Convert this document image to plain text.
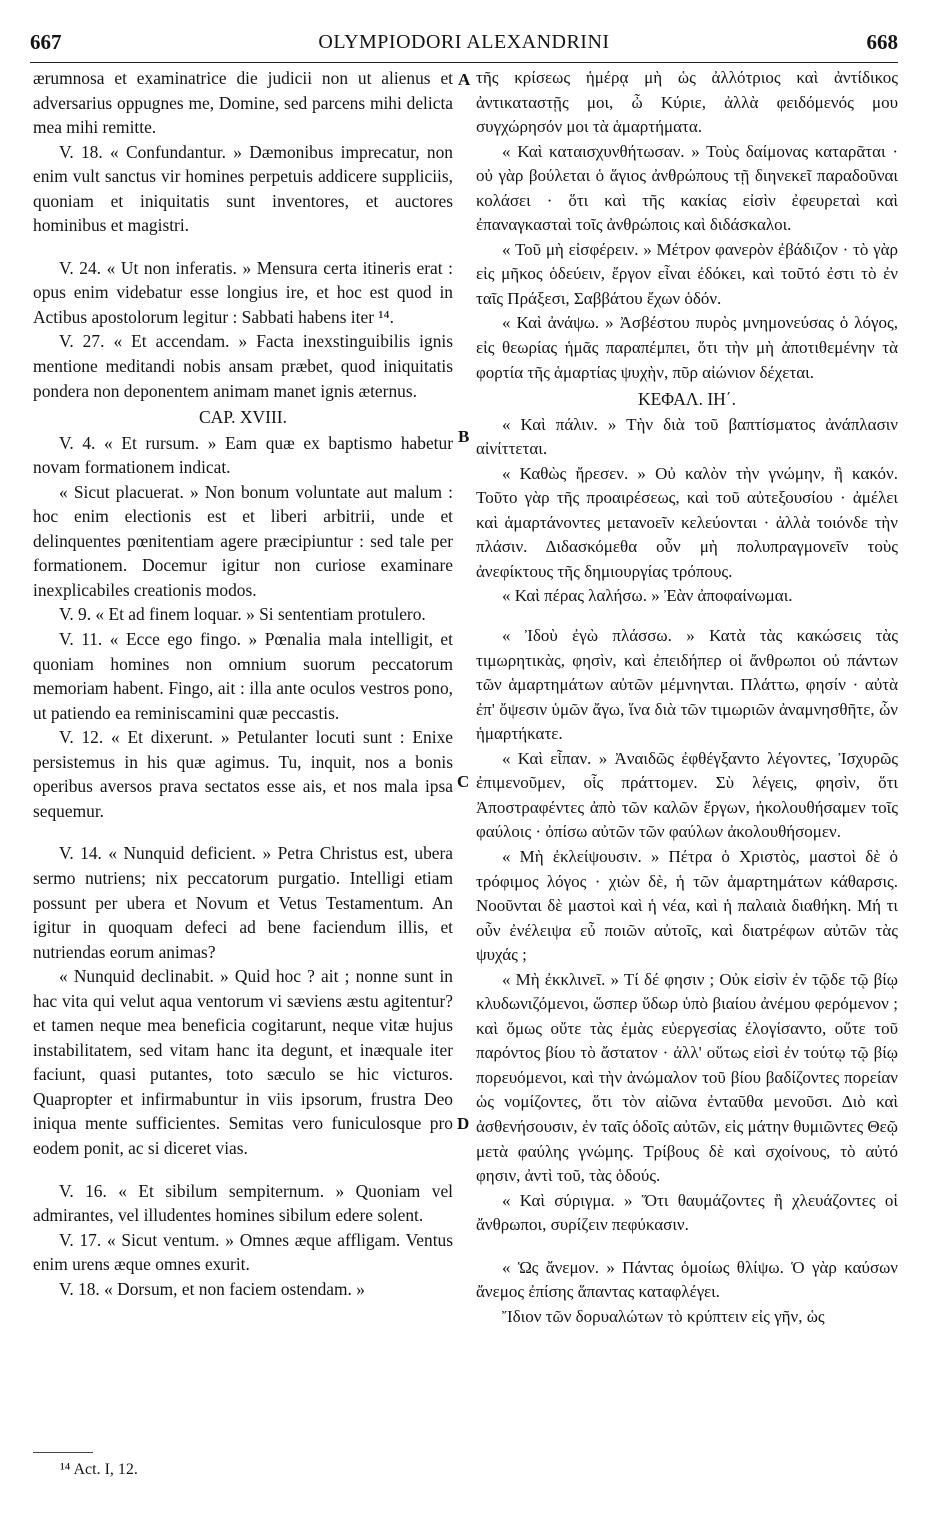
667	OLYMPIODORI ALEXANDRINI	668

ærumnosa et examinatrice die judicii non ut alienus et adversarius oppugnes me, Domine, sed parcens mihi delicta mea mihi remitte.

V. 18. « Confundantur. » Dæmonibus imprecatur, non enim vult sanctus vir homines perpetuis addicere suppliciis, quoniam et iniquitatis sunt inventores, et auctores hominibus et magistri.

V. 24. « Ut non inferatis. » Mensura certa itineris erat : opus enim videbatur esse longius ire, et hoc est quod in Actibus apostolorum legitur : Sabbati habens iter ¹⁴.

V. 27. « Et accendam. » Facta inexstinguibilis ignis mentione meditandi nobis ansam præbet, quod iniquitatis pondera non deponentem animam manet ignis æternus.

CAP. XVIII.

V. 4. « Et rursum. » Eam quæ ex baptismo habetur novam formationem indicat.

« Sicut placuerat. » Non bonum voluntate aut malum : hoc enim electionis est et liberi arbitrii, unde et delinquentes pœnitentiam agere præcipiuntur : sed tale per formationem. Docemur igitur non curiose examinare inexplicabiles creationis modos.

V. 9. « Et ad finem loquar. » Si sententiam protulero.

V. 11. « Ecce ego fingo. » Pœnalia mala intelligit, et quoniam homines non omnium suorum peccatorum memoriam habent. Fingo, ait : illa ante oculos vestros pono, ut patiendo ea reminiscamini quæ peccastis.

V. 12. « Et dixerunt. » Petulanter locuti sunt : Enixe persistemus in his quæ agimus. Tu, inquit, nos a bonis operibus aversos prava sectatos esse ais, et nos mala ipsa sequemur.

V. 14. « Nunquid deficient. » Petra Christus est, ubera sermo nutriens; nix peccatorum purgatio. Intelligi etiam possunt per ubera et Novum et Vetus Testamentum. An igitur in quoquam defeci ad bene faciendum illis, et nutriendas eorum animas?

« Nunquid declinabit. » Quid hoc ? ait ; nonne sunt in hac vita qui velut aqua ventorum vi sæviens æstu agitentur? et tamen neque mea beneficia cogitarunt, neque vitæ hujus instabilitatem, sed vitam hanc ita degunt, et inæquale iter faciunt, quasi putantes, toto sæculo se hic victuros. Quapropter et infirmabuntur in viis ipsorum, frustra Deo iniqua mente sufficientes. Semitas vero funiculosque pro eodem ponit, ac si diceret vias.

V. 16. « Et sibilum sempiternum. » Quoniam vel admirantes, vel illudentes homines sibilum edere solent.

V. 17. « Sicut ventum. » Omnes æque affligam. Ventus enim urens æque omnes exurit.

V. 18. « Dorsum, et non faciem ostendam. »

τῆς κρίσεως ἡμέρᾳ μὴ ὡς ἀλλότριος καὶ ἀντίδικος ἀντικαταστῇς μοι, ὦ Κύριε, ἀλλὰ φειδόμενός μου συγχώρησόν μοι τὰ ἁμαρτήματα.

« Καὶ καταισχυνθήτωσαν. » Τοὺς δαίμονας καταρᾶται · οὐ γὰρ βούλεται ὁ ἅγιος ἀνθρώπους τῇ διηνεκεῖ παραδοῦναι κολάσει · ὅτι καὶ τῆς κακίας εἰσὶν ἐφευρεταὶ καὶ ἐπαναγκασταὶ τοῖς ἀνθρώποις καὶ διδάσκαλοι.

« Τοῦ μὴ εἰσφέρειν. » Μέτρον φανερὸν ἐβάδιζον · τὸ γὰρ εἰς μῆκος ὁδεύειν, ἔργον εἶναι ἐδόκει, καὶ τοῦτό ἐστι τὸ ἐν ταῖς Πράξεσι, Σαββάτου ἔχων ὁδόν.

« Καὶ ἀνάψω. » Ἀσβέστου πυρὸς μνημονεύσας ὁ λόγος, εἰς θεωρίας ἡμᾶς παραπέμπει, ὅτι τὴν μὴ ἀποτιθεμένην τὰ φορτία τῆς ἁμαρτίας ψυχὴν, πῦρ αἰώνιον δέχεται.

ΚΕΦΑΛ. ΙΗ΄.

« Καὶ πάλιν. » Τὴν διὰ τοῦ βαπτίσματος ἀνάπλασιν αἰνίττεται.

« Καθὼς ἤρεσεν. » Οὐ καλὸν τὴν γνώμην, ἢ κακόν. Τοῦτο γὰρ τῆς προαιρέσεως, καὶ τοῦ αὐτεξουσίου · ἀμέλει καὶ ἁμαρτάνοντες μετανοεῖν κελεύονται · ἀλλὰ τοιόνδε τὴν πλάσιν. Διδασκόμεθα οὖν μὴ πολυπραγμονεῖν τοὺς ἀνεφίκτους τῆς δημιουργίας τρόπους.

« Καὶ πέρας λαλήσω. » Ἐὰν ἀποφαίνωμαι.

« Ἰδοὺ ἐγὼ πλάσσω. » Κατὰ τὰς κακώσεις τὰς τιμωρητικὰς, φησὶν, καὶ ἐπειδήπερ οἱ ἄνθρωποι οὐ πάντων τῶν ἁμαρτημάτων αὐτῶν μέμνηνται. Πλάττω, φησίν · αὐτὰ ἐπ' ὄψεσιν ὑμῶν ἄγω, ἵνα διὰ τῶν τιμωριῶν ἀναμνησθῆτε, ὧν ἡμαρτήκατε.

« Καὶ εἶπαν. » Ἀναιδῶς ἐφθέγξαντο λέγοντες, Ἰσχυρῶς ἐπιμενοῦμεν, οἷς πράττομεν. Σὺ λέγεις, φησὶν, ὅτι Ἀποστραφέντες ἀπὸ τῶν καλῶν ἔργων, ἠκολουθήσαμεν τοῖς φαύλοις · ὀπίσω αὐτῶν τῶν φαύλων ἀκολουθήσομεν.

« Μὴ ἐκλείψουσιν. » Πέτρα ὁ Χριστὸς, μαστοὶ δὲ ὁ τρόφιμος λόγος · χιὼν δὲ, ἡ τῶν ἁμαρτημάτων κάθαρσις. Νοοῦνται δὲ μαστοὶ καὶ ἡ νέα, καὶ ἡ παλαιὰ διαθήκη. Μή τι οὖν ἐνέλειψα εὖ ποιῶν αὐτοῖς, καὶ διατρέφων αὐτῶν τὰς ψυχάς ;

« Μὴ ἐκκλινεῖ. » Τί δέ φησιν ; Οὐκ εἰσὶν ἐν τῷδε τῷ βίῳ κλυδωνιζόμενοι, ὥσπερ ὕδωρ ὑπὸ βιαίου ἀνέμου φερόμενον ; καὶ ὅμως οὔτε τὰς ἐμὰς εὐεργεσίας ἐλογίσαντο, οὔτε τοῦ παρόντος βίου τὸ ἄστατον · ἀλλ' οὕτως εἰσὶ ἐν τούτῳ τῷ βίῳ πορευόμενοι, καὶ τὴν ἀνώμαλον τοῦ βίου βαδίζοντες πορείαν ὡς νομίζοντες, ὅτι τὸν αἰῶνα ἐνταῦθα μενοῦσι. Διὸ καὶ ἀσθενήσουσιν, ἐν ταῖς ὁδοῖς αὐτῶν, εἰς μάτην θυμιῶντες Θεῷ μετὰ φαύλης γνώμης. Τρίβους δὲ καὶ σχοίνους, τὸ αὐτό φησιν, ἀντὶ τοῦ, τὰς ὁδούς.

« Καὶ σύριγμα. » Ὅτι θαυμάζοντες ἢ χλευάζοντες οἱ ἄνθρωποι, συρίζειν πεφύκασιν.

« Ὡς ἄνεμον. » Πάντας ὁμοίως θλίψω. Ὁ γὰρ καύσων ἄνεμος ἐπίσης ἅπαντας καταφλέγει.

Ἴδιον τῶν δορυαλώτων τὸ κρύπτειν εἰς γῆν, ὡς

A
B
C
D
¹⁴ Act. I, 12.
